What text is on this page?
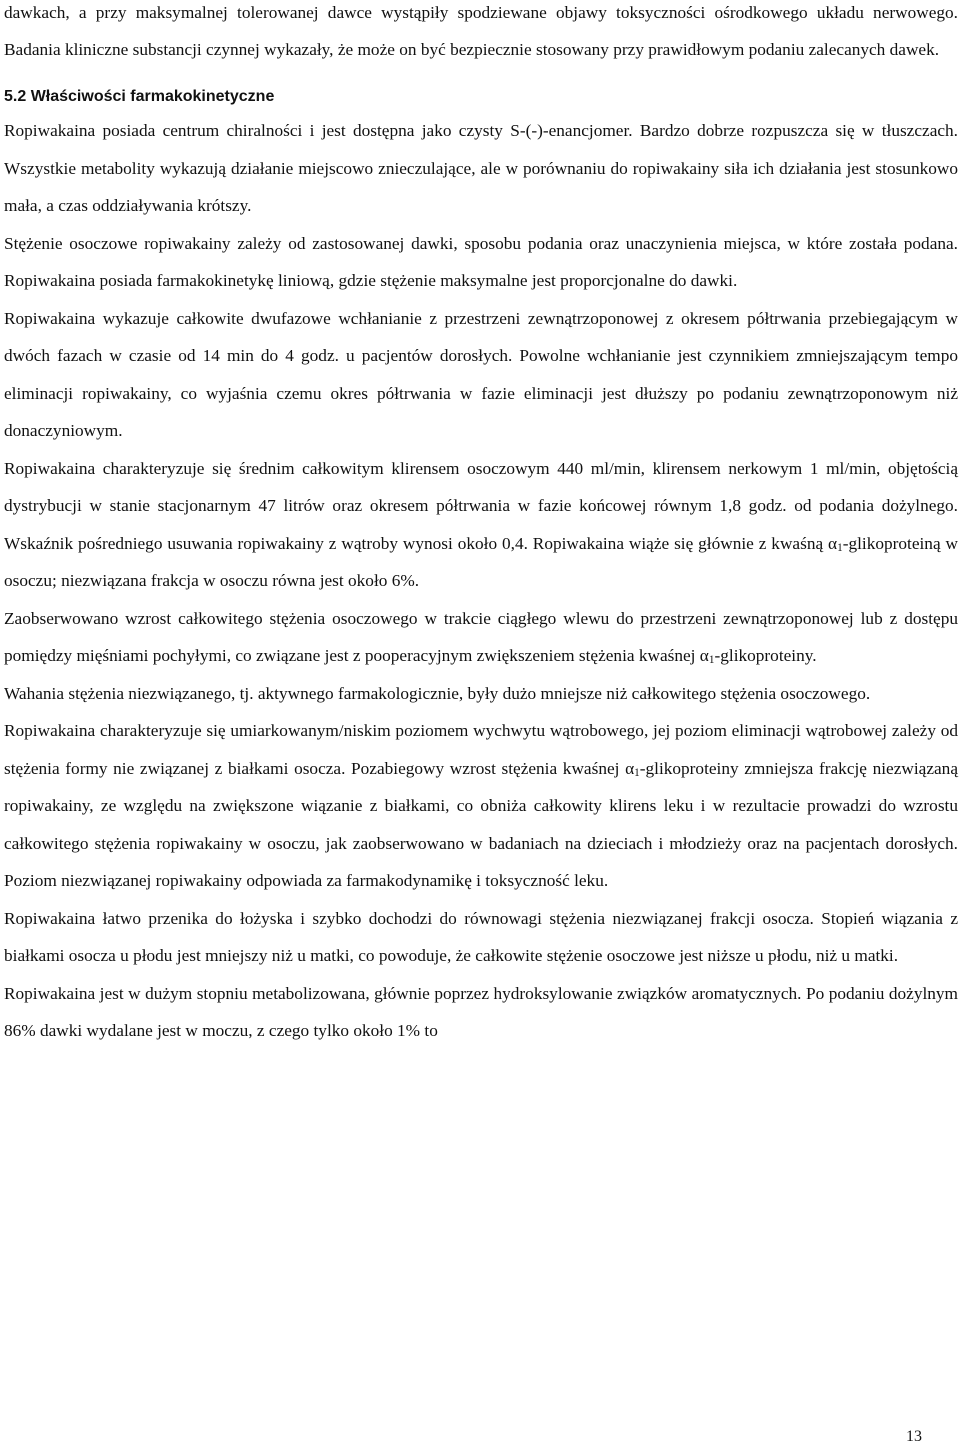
dawkach, a przy maksymalnej tolerowanej dawce wystąpiły spodziewane objawy toksyczności ośrodkowego układu nerwowego. Badania kliniczne substancji czynnej wykazały, że może on być bezpiecznie stosowany przy prawidłowym podaniu zalecanych dawek.

5.2 Właściwości farmakokinetyczne

Ropiwakaina posiada centrum chiralności i jest dostępna jako czysty S-(-)-enancjomer. Bardzo dobrze rozpuszcza się w tłuszczach. Wszystkie metabolity wykazują działanie miejscowo znieczulające, ale w porównaniu do ropiwakainy siła ich działania jest stosunkowo mała, a czas oddziaływania krótszy.

Stężenie osoczowe ropiwakainy zależy od zastosowanej dawki, sposobu podania oraz unaczynienia miejsca, w które została podana. Ropiwakaina posiada farmakokinetykę liniową, gdzie stężenie maksymalne jest proporcjonalne do dawki.

Ropiwakaina wykazuje całkowite dwufazowe wchłanianie z przestrzeni zewnątrzoponowej z okresem półtrwania przebiegającym w dwóch fazach w czasie od 14 min do 4 godz. u pacjentów dorosłych. Powolne wchłanianie jest czynnikiem zmniejszającym tempo eliminacji ropiwakainy, co wyjaśnia czemu okres półtrwania w fazie eliminacji jest dłuższy po podaniu zewnątrzoponowym niż donaczyniowym.

Ropiwakaina charakteryzuje się średnim całkowitym klirensem osoczowym 440 ml/min, klirensem nerkowym 1 ml/min, objętością dystrybucji w stanie stacjonarnym 47 litrów oraz okresem półtrwania w fazie końcowej równym 1,8 godz. od podania dożylnego. Wskaźnik pośredniego usuwania ropiwakainy z wątroby wynosi około 0,4. Ropiwakaina wiąże się głównie z kwaśną $\alpha_1$-glikoproteiną w osoczu; niezwiązana frakcja w osoczu równa jest około 6%.

Zaobserwowano wzrost całkowitego stężenia osoczowego w trakcie ciągłego wlewu do przestrzeni zewnątrzoponowej lub z dostępu pomiędzy mięśniami pochyłymi, co związane jest z pooperacyjnym zwiększeniem stężenia kwaśnej $\alpha_1$-glikoproteiny.

Wahania stężenia niezwiązanego, tj. aktywnego farmakologicznie, były dużo mniejsze niż całkowitego stężenia osoczowego.

Ropiwakaina charakteryzuje się umiarkowanym/niskim poziomem wychwytu wątrobowego, jej poziom eliminacji wątrobowej zależy od stężenia formy nie związanej z białkami osocza. Pozabiegowy wzrost stężenia kwaśnej $\alpha_1$-glikoproteiny zmniejsza frakcję niezwiązaną ropiwakainy, ze względu na zwiększone wiązanie z białkami, co obniża całkowity klirens leku i w rezultacie prowadzi do wzrostu całkowitego stężenia ropiwakainy w osoczu, jak zaobserwowano w badaniach na dzieciach i młodzieży oraz na pacjentach dorosłych. Poziom niezwiązanej ropiwakainy odpowiada za farmakodynamikę i toksyczność leku.

Ropiwakaina łatwo przenika do łożyska i szybko dochodzi do równowagi stężenia niezwiązanej frakcji osocza. Stopień wiązania z białkami osocza u płodu jest mniejszy niż u matki, co powoduje, że całkowite stężenie osoczowe jest niższe u płodu, niż u matki.

Ropiwakaina jest w dużym stopniu metabolizowana, głównie poprzez hydroksylowanie związków aromatycznych. Po podaniu dożylnym 86% dawki wydalane jest w moczu, z czego tylko około 1% to

13
